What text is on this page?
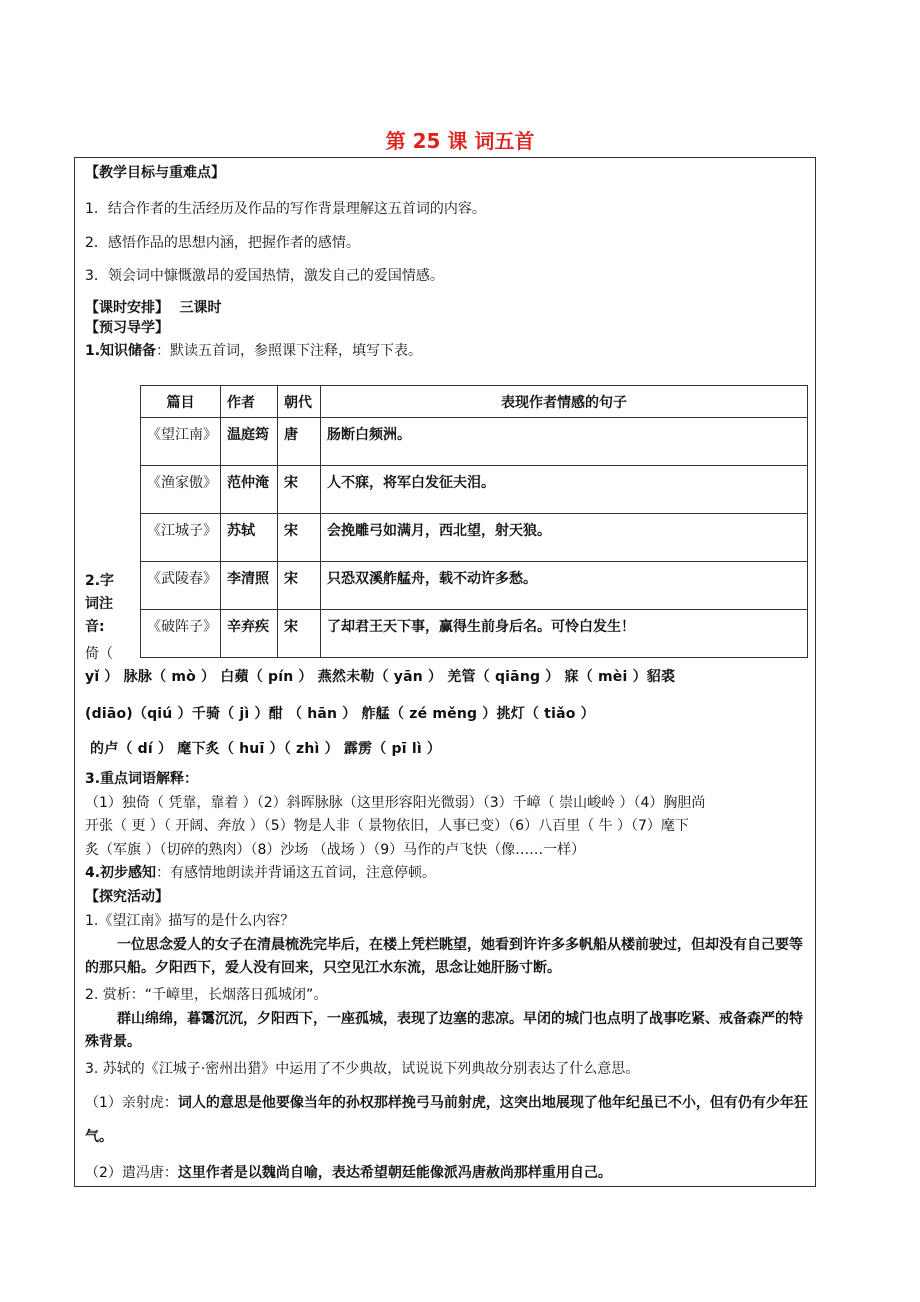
第 25 课 词五首
【教学目标与重难点】
1．结合作者的生活经历及作品的写作背景理解这五首词的内容。
2．感悟作品的思想内涵，把握作者的感情。
3．领会词中慷慨激昂的爱国热情，激发自己的爱国情感。
【课时安排】 三课时
【预习导学】
1.知识储备：默读五首词，参照课下注释，填写下表。
篇目	作者	朝代	表现作者情感的句子
《望江南》	温庭筠	唐	肠断白频洲。
《渔家傲》	范仲淹	宋	人不寐，将军白发征夫泪。
《江城子》	苏轼	宋	会挽雕弓如满月，西北望，射天狼。
《武陵春》	李清照	宋	只恐双溪舴艋舟，载不动许多愁。
《破阵子》	辛弃疾	宋	了却君王天下事，赢得生前身后名。可怜白发生！
2.字词注音:
倚（
yǐ ） 脉脉（ mò ） 白蘋（ pín ） 燕然未勒（ yān ） 羌管（ qiāng ） 寐（ mèi ）貂裘
(diāo)（qiú ）千骑（ jì ）酣 （ hān ） 舴艋（ zé měng ）挑灯（ tiǎo ）
的卢（ dí ） 麾下炙（ huī ）（ zhì ） 霹雳（ pī lì ）
3.重点词语解释：
（1）独倚（ 凭靠，靠着 ）（2）斜晖脉脉（这里形容阳光微弱）（3）千嶂（ 崇山峻岭 ）（4）胸胆尚
开张（ 更 ）（ 开阔、奔放 ）（5）物是人非（ 景物依旧，人事已变）（6）八百里（ 牛 ）（7）麾下
炙（军旗 ）（切碎的熟肉）（8）沙场 （战场 ）（9）马作的卢飞快（像……一样）
4.初步感知：有感情地朗读并背诵这五首词，注意停顿。
【探究活动】
1.《望江南》描写的是什么内容？
一位思念爱人的女子在清晨梳洗完毕后，在楼上凭栏眺望，她看到许许多多帆船从楼前驶过，但却没有自己要等的那只船。夕阳西下，爱人没有回来，只空见江水东流，思念让她肝肠寸断。
2. 赏析：“千嶂里，长烟落日孤城闭”。
群山绵绵，暮霭沉沉，夕阳西下，一座孤城，表现了边塞的悲凉。早闭的城门也点明了战事吃紧、戒备森严的特殊背景。
3. 苏轼的《江城子·密州出猎》中运用了不少典故，试说说下列典故分别表达了什么意思。
（1）亲射虎：词人的意思是他要像当年的孙权那样挽弓马前射虎，这突出地展现了他年纪虽已不小，但有仍有少年狂气。
（2）遣冯唐：这里作者是以魏尚自喻，表达希望朝廷能像派冯唐赦尚那样重用自己。
